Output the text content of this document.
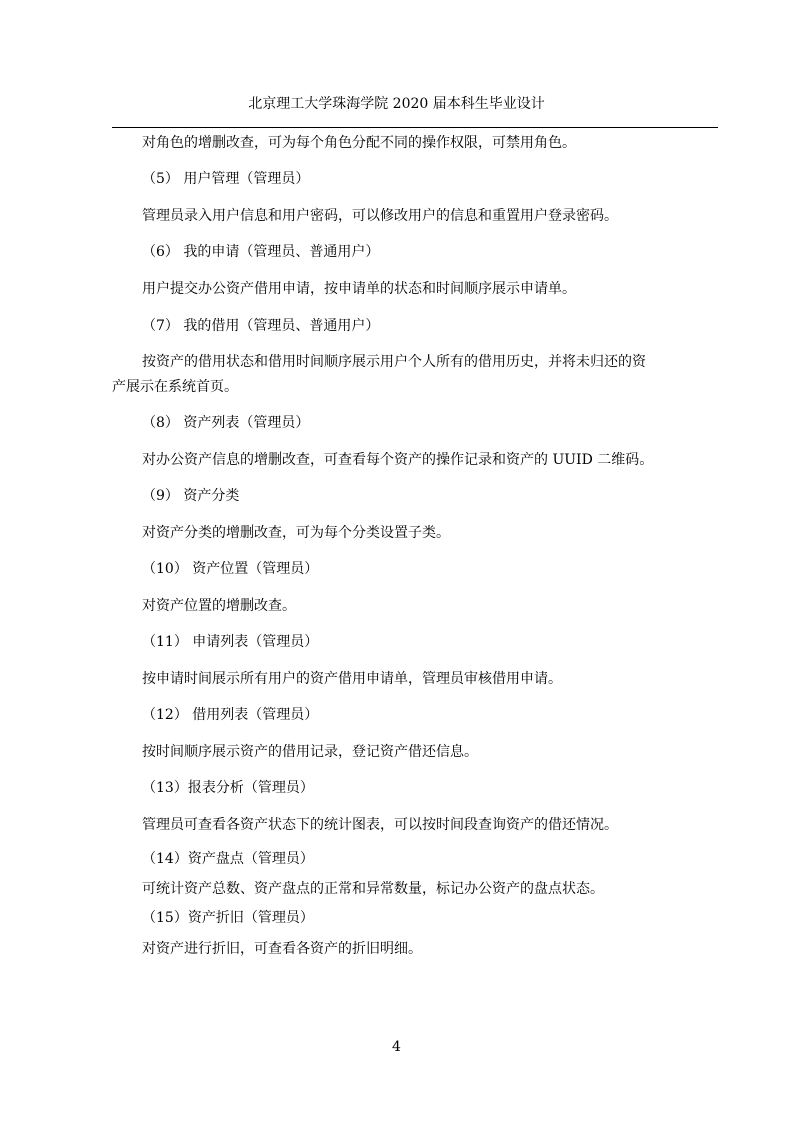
北京理工大学珠海学院 2020 届本科生毕业设计
对角色的增删改查，可为每个角色分配不同的操作权限，可禁用角色。
（5） 用户管理（管理员）
管理员录入用户信息和用户密码，可以修改用户的信息和重置用户登录密码。
（6） 我的申请（管理员、普通用户）
用户提交办公资产借用申请，按申请单的状态和时间顺序展示申请单。
（7） 我的借用（管理员、普通用户）
按资产的借用状态和借用时间顺序展示用户个人所有的借用历史，并将未归还的资
产展示在系统首页。
（8） 资产列表（管理员）
对办公资产信息的增删改查，可查看每个资产的操作记录和资产的 UUID 二维码。
（9） 资产分类
对资产分类的增删改查，可为每个分类设置子类。
（10） 资产位置（管理员）
对资产位置的增删改查。
（11） 申请列表（管理员）
按申请时间展示所有用户的资产借用申请单，管理员审核借用申请。
（12） 借用列表（管理员）
按时间顺序展示资产的借用记录，登记资产借还信息。
（13）报表分析（管理员）
管理员可查看各资产状态下的统计图表，可以按时间段查询资产的借还情况。
（14）资产盘点（管理员）
可统计资产总数、资产盘点的正常和异常数量，标记办公资产的盘点状态。
（15）资产折旧（管理员）
对资产进行折旧，可查看各资产的折旧明细。
4
